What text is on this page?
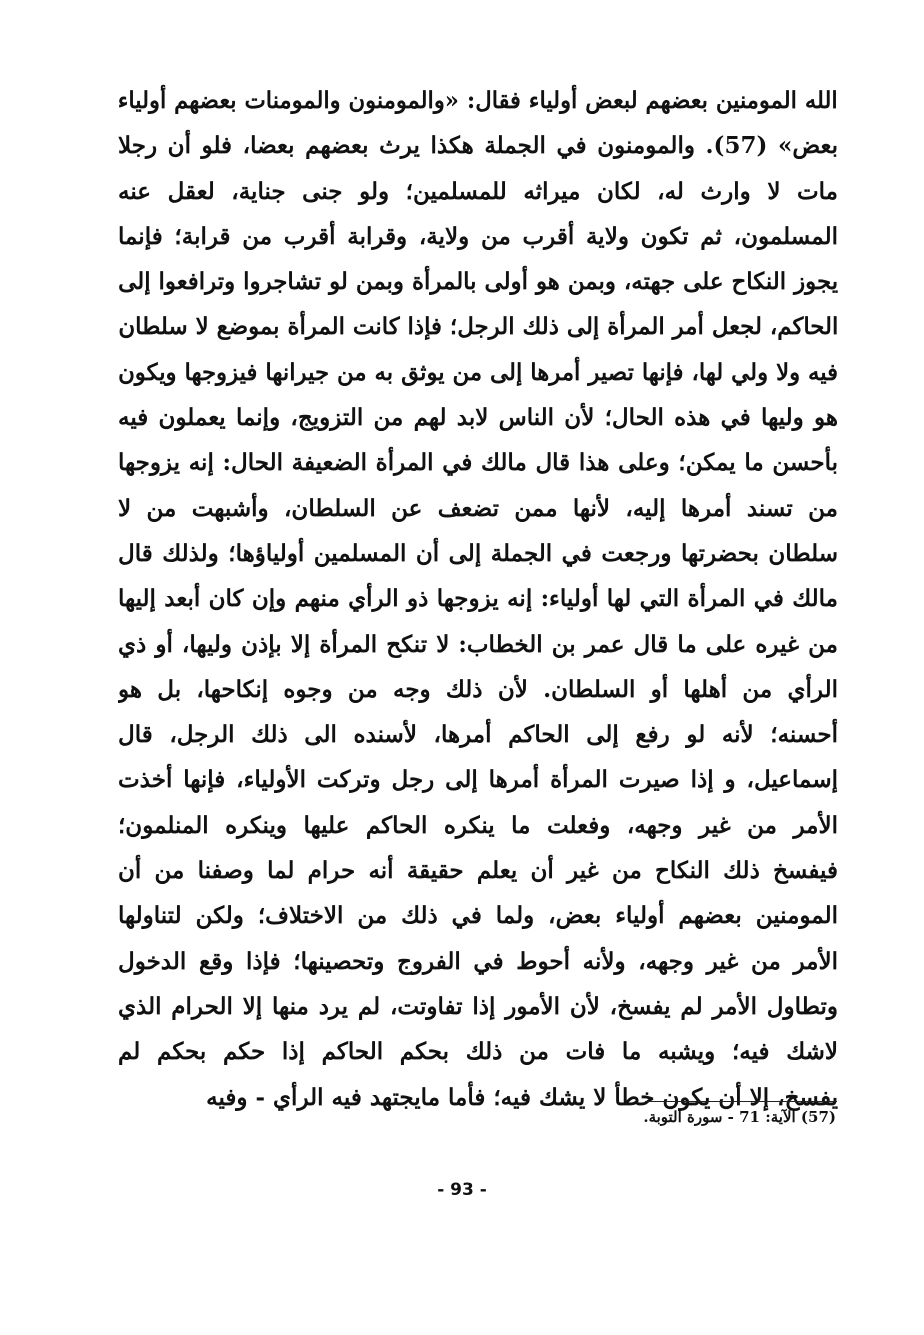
الله المومنين بعضهم لبعض أولياء فقال: «والمومنون والمومنات بعضهم أولياء
بعض» (57). والمومنون في الجملة هكذا يرث بعضهم بعضا، فلو أن رجلا
مات لا وارث له، لكان ميراثه للمسلمين؛ ولو جنى جناية، لعقل عنه
المسلمون، ثم تكون ولاية أقرب من ولاية، وقرابة أقرب من قرابة؛ فإنما
يجوز النكاح على جهته، وبمن هو أولى بالمرأة وبمن لو تشاجروا وترافعوا إلى
الحاكم، لجعل أمر المرأة إلى ذلك الرجل؛ فإذا كانت المرأة بموضع لا سلطان
فيه ولا ولي لها، فإنها تصير أمرها إلى من يوثق به من جيرانها فيزوجها ويكون
هو وليها في هذه الحال؛ لأن الناس لابد لهم من التزويج، وإنما يعملون فيه
بأحسن ما يمكن؛ وعلى هذا قال مالك في المرأة الضعيفة الحال: إنه يزوجها
من تسند أمرها إليه، لأنها ممن تضعف عن السلطان، وأشبهت من لا
سلطان بحضرتها ورجعت في الجملة إلى أن المسلمين أولياؤها؛ ولذلك قال
مالك في المرأة التي لها أولياء: إنه يزوجها ذو الرأي منهم وإن كان أبعد إليها
من غيره على ما قال عمر بن الخطاب: لا تنكح المرأة إلا بإذن وليها، أو ذي
الرأي من أهلها أو السلطان. لأن ذلك وجه من وجوه إنكاحها، بل هو
أحسنه؛ لأنه لو رفع إلى الحاكم أمرها، لأسنده الى ذلك الرجل، قال
إسماعيل، و إذا صيرت المرأة أمرها إلى رجل وتركت الأولياء، فإنها أخذت
الأمر من غير وجهه، وفعلت ما ينكره الحاكم عليها وينكره المنلمون؛
فيفسخ ذلك النكاح من غير أن يعلم حقيقة أنه حرام لما وصفنا من أن
المومنين بعضهم أولياء بعض، ولما في ذلك من الاختلاف؛ ولكن لتناولها
الأمر من غير وجهه، ولأنه أحوط في الفروج وتحصينها؛ فإذا وقع الدخول
وتطاول الأمر لم يفسخ، لأن الأمور إذا تفاوتت، لم يرد منها إلا الحرام الذي
لاشك فيه؛ ويشبه ما فات من ذلك بحكم الحاكم إذا حكم بحكم لم
يفسخ، إلا أن يكون خطأ لا يشك فيه؛ فأما مايجتهد فيه الرأي - وفيه
(57) الآية: 71 - سورة التوبة.
- 93 -
